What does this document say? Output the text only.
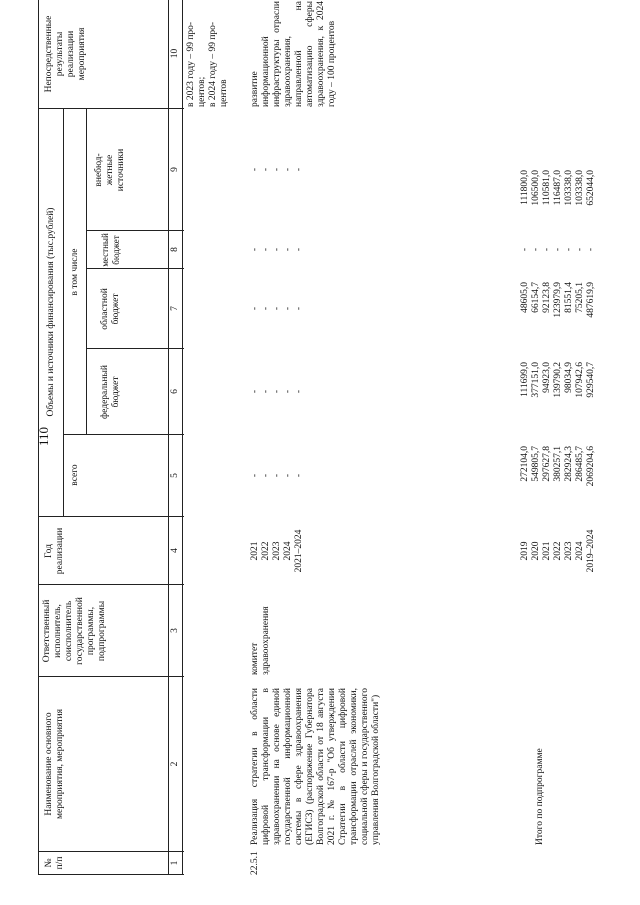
110
№
п/п
Наименование основного
мероприятия, мероприятия
Ответственный
исполнитель,
соисполнитель
государственной
программы,
подпрограммы
Год
реализации
Объемы и источники финансирования (тыс.рублей)
всего
в том числе
федеральный
бюджет
областной
бюджет
местный
бюджет
внебюд-
жетные
источники
Непосредственные
результаты
реализации
мероприятия
1
2
3
4
5
6
7
8
9
10
в 2023 году – 99 про-
центов;
в 2024 году – 99 про-
центов
22.5.1
Реализация стратегии в области цифровой трансформации в здравоохранении на основе единой государственной информационной системы в сфере здравоохранения (ЕГИСЗ) (распоряжение Губернатора Волгоградской области от 18 августа 2021 г. № 167-р "Об утверждении Стратегии в области цифровой трансформации отраслей экономики, социальной сферы и государственного управления Волгоградской области")
комитет здравоохранения
2021 2022 2023 2024 2021–2024
-
-
-
-
-
-
-
-
-
-
-
-
-
-
-
-
-
-
-
-
-
-
-
-
-
развитие информационной инфраструктуры отрасли здравоохранения, направленной на автоматизацию сферы здравоохранения, к 2024 году – 100 процентов
Итого по подпрограмме
2019
272104,0
111699,0
48605,0
-
111800,0
2020
549805,7
377151,0
66154,7
-
106500,0
2021
297627,8
94923,0
92123,8
-
110581,0
2022
380257,1
139790,2
123979,9
-
116487,0
2023
282924,3
98034,9
81551,4
-
103338,0
2024
286485,7
107942,6
75205,1
-
103338,0
2019–2024
2069204,6
929540,7
487619,9
-
652044,0
